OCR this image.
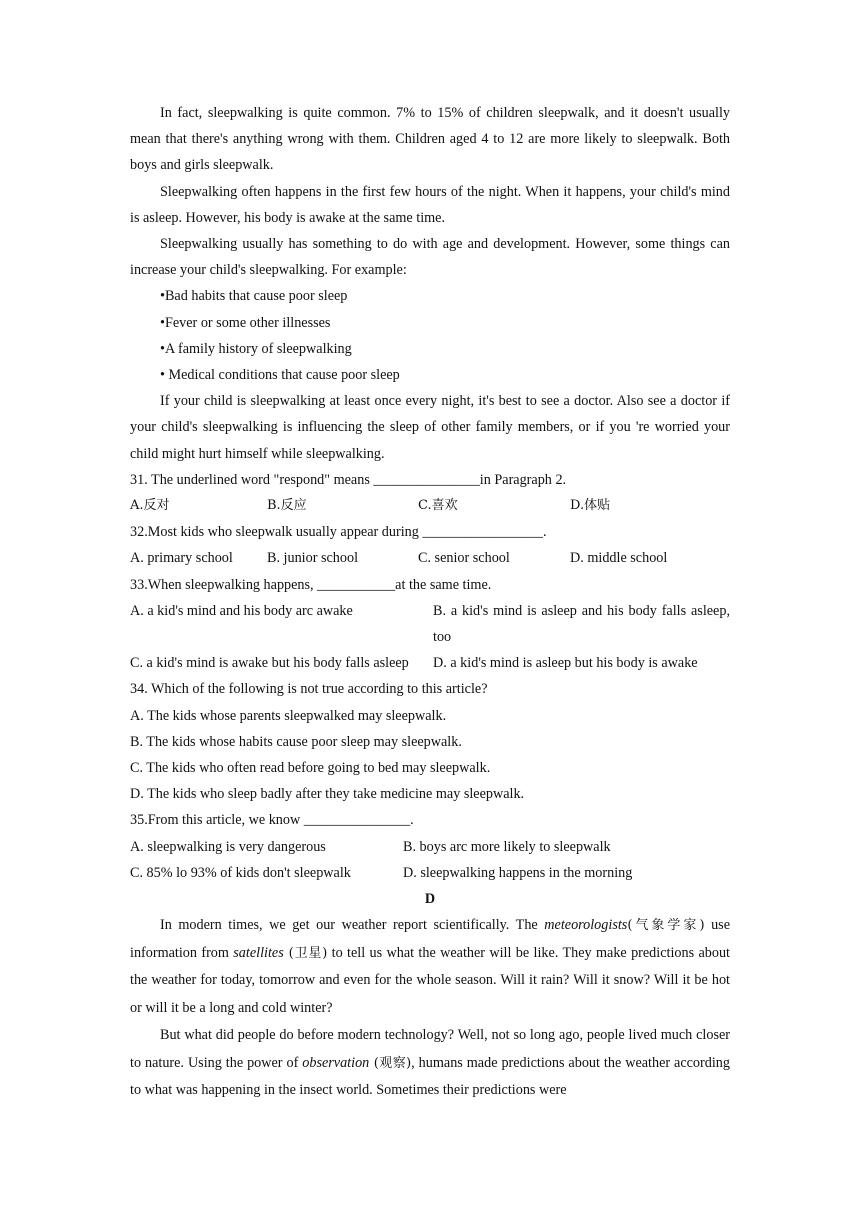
In fact, sleepwalking is quite common. 7% to 15% of children sleepwalk, and it doesn't usually mean that there's anything wrong with them. Children aged 4 to 12 are more likely to sleepwalk. Both boys and girls sleepwalk.

Sleepwalking often happens in the first few hours of the night. When it happens, your child's mind is asleep. However, his body is awake at the same time.

Sleepwalking usually has something to do with age and development. However, some things can increase your child's sleepwalking. For example:

•Bad habits that cause poor sleep

•Fever or some other illnesses

•A family history of sleepwalking

• Medical conditions that cause poor sleep

If your child is sleepwalking at least once every night, it's best to see a doctor. Also see a doctor if your child's sleepwalking is influencing the sleep of other family members, or if you 're worried your child might hurt himself while sleepwalking.

31. The underlined word "respond" means _______________in Paragraph 2.

A.反对	B.反应	C.喜欢	D.体贴

32.Most kids who sleepwalk usually appear during _________________.

A. primary school	B. junior school	C. senior school	D. middle school

33.When sleepwalking happens, ___________at the same time.

A. a kid's mind and his body arc awake	B. a kid's mind is asleep and his body falls asleep, too
C. a kid's mind is awake but his body falls asleep	D. a kid's mind is asleep but his body is awake

34. Which of the following is not true according to this article?

A. The kids whose parents sleepwalked may sleepwalk.

B. The kids whose habits cause poor sleep may sleepwalk.

C. The kids who often read before going to bed may sleepwalk.

D. The kids who sleep badly after they take medicine may sleepwalk.

35.From this article, we know _______________.

A. sleepwalking is very dangerous	B. boys arc more likely to sleepwalk
C. 85% lo 93% of kids don't sleepwalk	D. sleepwalking happens in the morning

D

In modern times, we get our weather report scientifically. The meteorologists(气象学家) use information from satellites (卫星) to tell us what the weather will be like. They make predictions about the weather for today, tomorrow and even for the whole season. Will it rain? Will it snow? Will it be hot or will it be a long and cold winter?

But what did people do before modern technology? Well, not so long ago, people lived much closer to nature. Using the power of observation (观察), humans made predictions about the weather according to what was happening in the insect world. Sometimes their predictions were
